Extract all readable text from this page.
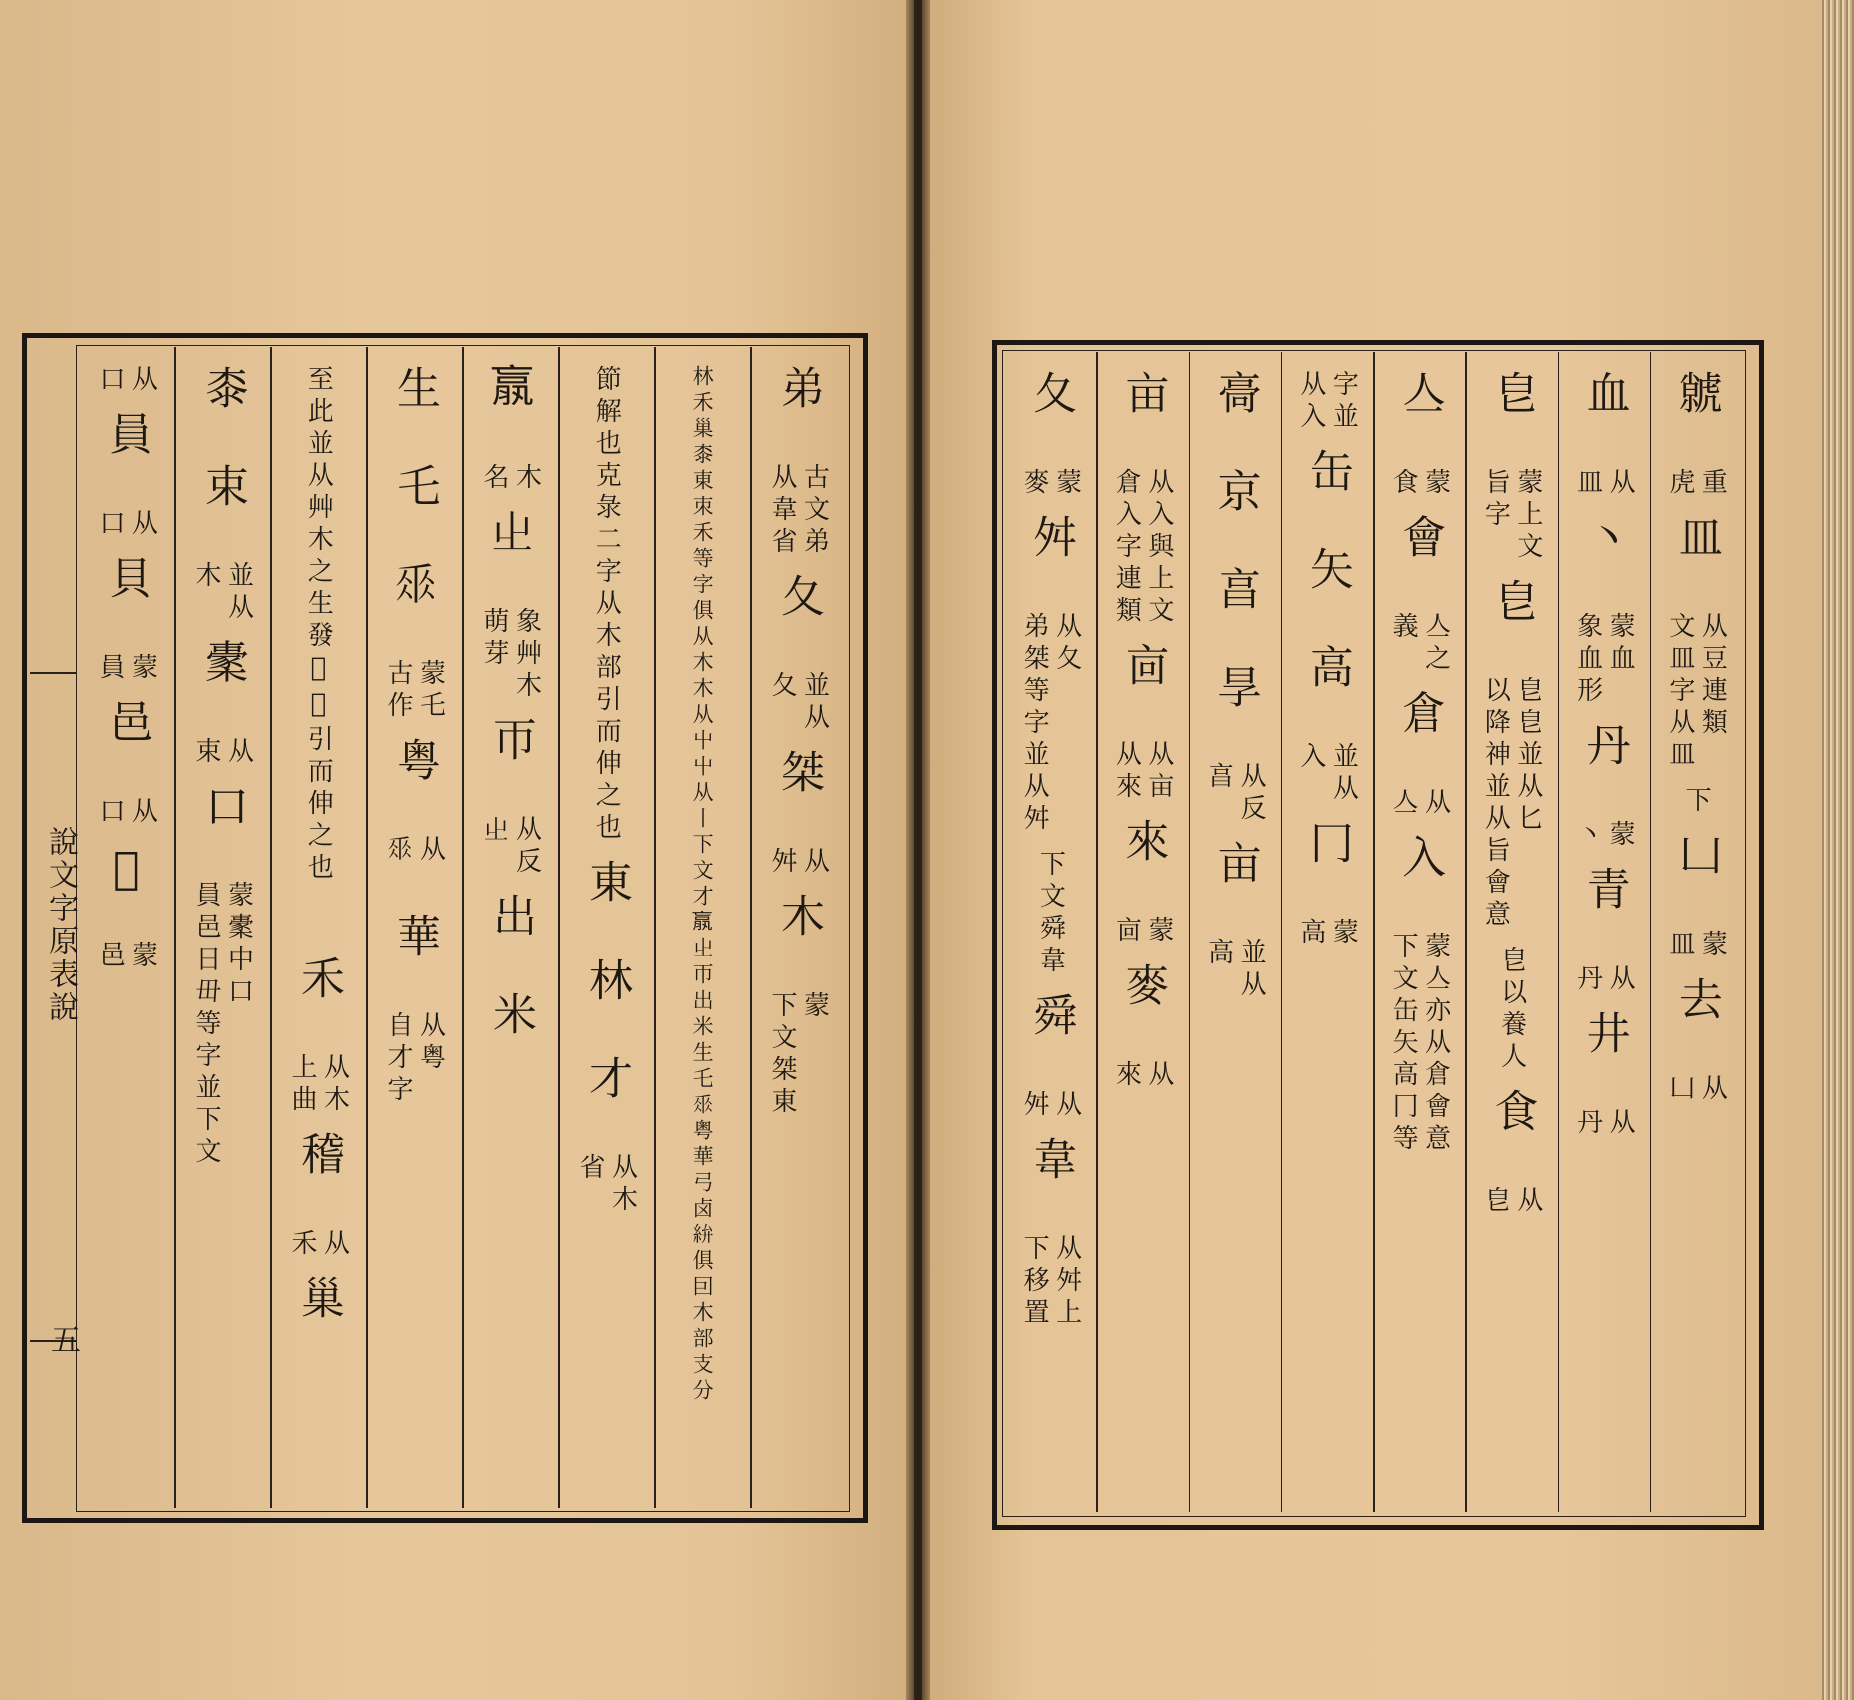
說文字原表說
五
弟
古文弟
从韋省
夂
並从
夂
桀
从
舛
木
蒙
下文桀東
林禾巢桼東朿禾等字俱从木木从屮屮从丨下文才𣎆𡳿帀出米生乇𠂹粤華弓卤𥿋俱囙木部支分
節解也克彔二字从木部引而伸之也
東
林
才
从木
省
𣎆
木
名
𡳿
象艸木
萌芽
帀
从反
𡳿
出
米
生
乇
𠂹
蒙乇
古作
粤
从
𠂹
華
从粤
自才字
至此並从艸木之生發𡴀𢑘引而伸之也
禾
从木
上曲
稽
从
禾
巢
桼
束
並从
木
㯻
从
束
口
蒙㯻中口
員邑日毌等字並下文
从
口
員
从
口
貝
蒙
員
邑
从
口
𨛜
蒙
邑
虩
重
虎
皿
从豆連類
文皿字从皿
下
凵
蒙
皿
去
从
凵
血
从
皿
丶
蒙血
象血形
丹
蒙
丶
青
从
丹
井
从
丹
皀
蒙上文
旨字
皀
皀皀並从匕
以降神並从旨會意
皀以養人
食
从
皀
亼
蒙
食
會
亼之
義
倉
从
亼
入
蒙亼亦从倉會意
下文缶矢高冂等
字並
从入
缶
矢
高
並从
入
冂
蒙
高
䯧
京
亯
㫗
从反
亯
亩
並从
高
亩
从入與上文
倉入字連類
㐭
从亩
从來
來
蒙
㐭
麥
从
來
夂
蒙
麥
舛
从夂
弟桀等字並从舛
下文舜韋
舜
从
舛
韋
从舛上
下移置
